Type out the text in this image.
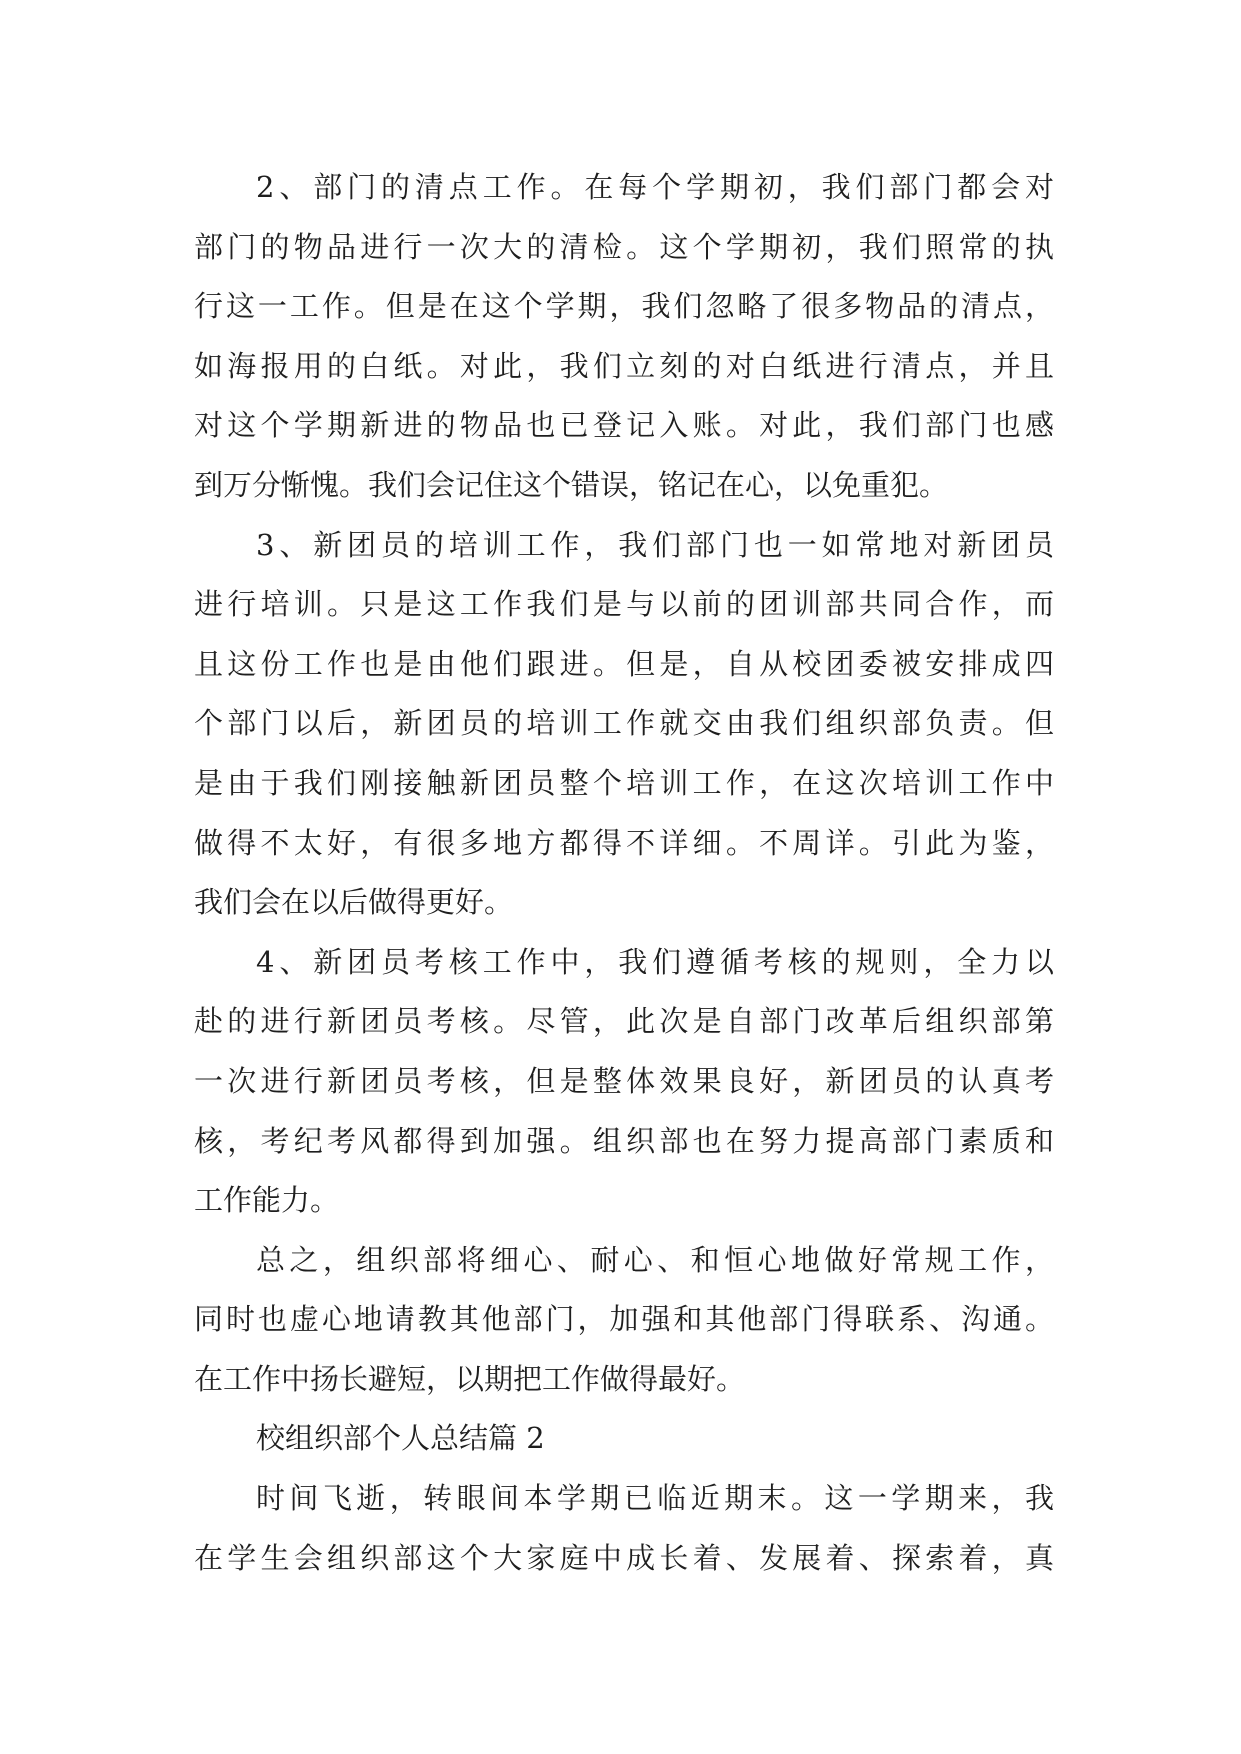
2、部门的清点工作。在每个学期初，我们部门都会对
部门的物品进行一次大的清检。这个学期初，我们照常的执
行这一工作。但是在这个学期，我们忽略了很多物品的清点，
如海报用的白纸。对此，我们立刻的对白纸进行清点，并且
对这个学期新进的物品也已登记入账。对此，我们部门也感
到万分惭愧。我们会记住这个错误，铭记在心，以免重犯。
3、新团员的培训工作，我们部门也一如常地对新团员
进行培训。只是这工作我们是与以前的团训部共同合作，而
且这份工作也是由他们跟进。但是，自从校团委被安排成四
个部门以后，新团员的培训工作就交由我们组织部负责。但
是由于我们刚接触新团员整个培训工作，在这次培训工作中
做得不太好，有很多地方都得不详细。不周详。引此为鉴，
我们会在以后做得更好。
4、新团员考核工作中，我们遵循考核的规则，全力以
赴的进行新团员考核。尽管，此次是自部门改革后组织部第
一次进行新团员考核，但是整体效果良好，新团员的认真考
核，考纪考风都得到加强。组织部也在努力提高部门素质和
工作能力。
总之，组织部将细心、耐心、和恒心地做好常规工作，
同时也虚心地请教其他部门，加强和其他部门得联系、沟通。
在工作中扬长避短，以期把工作做得最好。
校组织部个人总结篇 2
时间飞逝，转眼间本学期已临近期末。这一学期来，我
在学生会组织部这个大家庭中成长着、发展着、探索着，真
